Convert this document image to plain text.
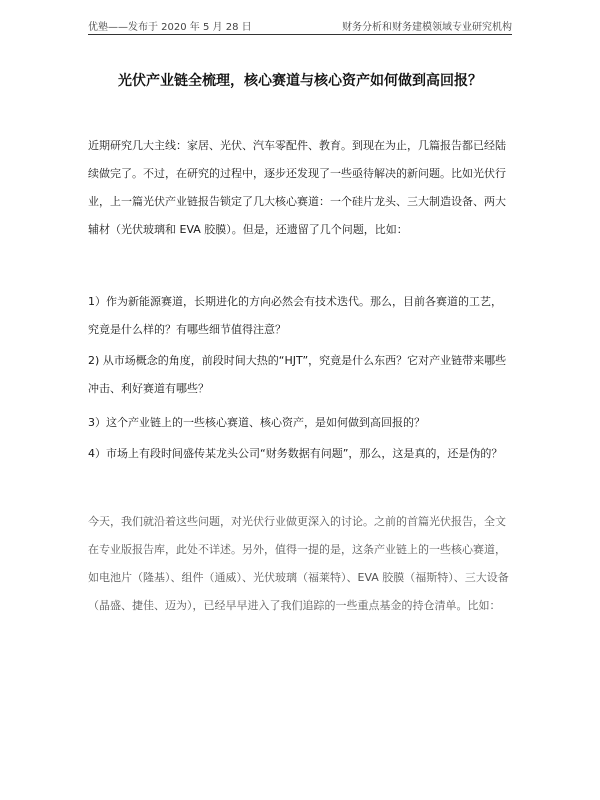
优塾——发布于 2020 年 5 月 28 日	财务分析和财务建模领域专业研究机构
光伏产业链全梳理，核心赛道与核心资产如何做到高回报？
近期研究几大主线：家居、光伏、汽车零配件、教育。到现在为止，几篇报告都已经陆续做完了。不过，在研究的过程中，逐步还发现了一些亟待解决的新问题。比如光伏行业，上一篇光伏产业链报告锁定了几大核心赛道：一个硅片龙头、三大制造设备、两大辅材（光伏玻璃和 EVA 胶膜）。但是，还遗留了几个问题，比如：
1）作为新能源赛道，长期进化的方向必然会有技术迭代。那么，目前各赛道的工艺，究竟是什么样的？有哪些细节值得注意？
2) 从市场概念的角度，前段时间大热的“HJT”，究竟是什么东西？它对产业链带来哪些冲击、利好赛道有哪些？
3）这个产业链上的一些核心赛道、核心资产，是如何做到高回报的？
4）市场上有段时间盛传某龙头公司“财务数据有问题”，那么，这是真的，还是伪的？
今天，我们就沿着这些问题，对光伏行业做更深入的讨论。之前的首篇光伏报告，全文在专业版报告库，此处不详述。另外，值得一提的是，这条产业链上的一些核心赛道，如电池片（隆基）、组件（通威）、光伏玻璃（福莱特）、EVA 胶膜（福斯特）、三大设备（晶盛、捷佳、迈为），已经早早进入了我们追踪的一些重点基金的持仓清单。比如：
